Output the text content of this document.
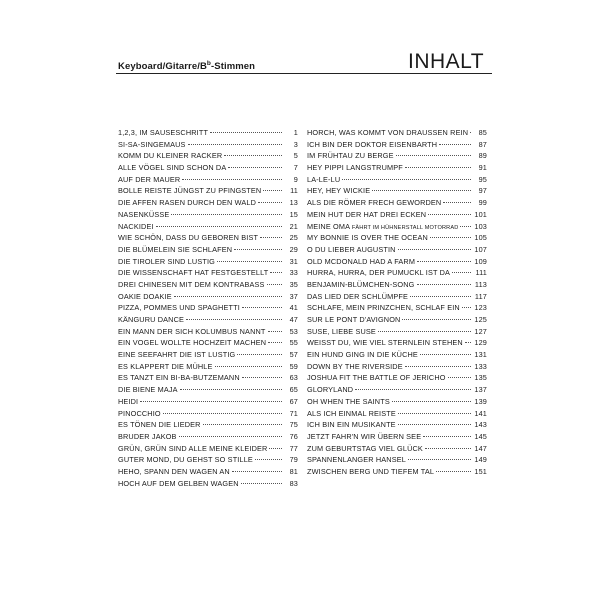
Keyboard/$Gitarre/B^b$-Stimmen	INHALT
1,2,3, IM SAUSESCHRITT	1
SI-SA-SINGEMAUS	3
KOMM DU KLEINER RACKER	5
ALLE VÖGEL SIND SCHON DA	7
AUF DER MAUER	9
BOLLE REISTE JÜNGST ZU PFINGSTEN	11
DIE AFFEN RASEN DURCH DEN WALD	13
NASENKÜSSE	15
NACKIDEI	21
WIE SCHÖN, DASS DU GEBOREN BIST	25
DIE BLÜMELEIN SIE SCHLAFEN	29
DIE TIROLER SIND LUSTIG	31
DIE WISSENSCHAFT HAT FESTGESTELLT	33
DREI CHINESEN MIT DEM KONTRABASS	35
OAKIE DOAKIE	37
PIZZA, POMMES UND SPAGHETTI	41
KÄNGURU DANCE	47
EIN MANN DER SICH KOLUMBUS NANNT	53
EIN VOGEL WOLLTE HOCHZEIT MACHEN	55
EINE SEEFAHRT DIE IST LUSTIG	57
ES KLAPPERT DIE MÜHLE	59
ES TANZT EIN BI-BA-BUTZEMANN	63
DIE BIENE MAJA	65
HEIDI	67
PINOCCHIO	71
ES TÖNEN DIE LIEDER	75
BRUDER JAKOB	76
GRÜN, GRÜN SIND ALLE MEINE KLEIDER	77
GUTER MOND, DU GEHST SO STILLE	79
HEHO, SPANN DEN WAGEN AN	81
HOCH AUF DEM GELBEN WAGEN	83
HORCH, WAS KOMMT VON DRAUSSEN REIN	85
ICH BIN DER DOKTOR EISENBARTH	87
IM FRÜHTAU ZU BERGE	89
HEY PIPPI LANGSTRUMPF	91
LA-LE-LU	95
HEY, HEY WICKIE	97
ALS DIE RÖMER FRECH GEWORDEN	99
MEIN HUT DER HAT DREI ECKEN	101
MEINE OMA FÄHRT IM HÜHNERSTALL MOTORRAD 103
MY BONNIE IS OVER THE OCEAN	105
O DU LIEBER AUGUSTIN	107
OLD MCDONALD HAD A FARM	109
HURRA, HURRA, DER PUMUCKL IST DA	111
BENJAMIN-BLÜMCHEN-SONG	113
DAS LIED DER SCHLÜMPFE	117
SCHLAFE, MEIN PRINZCHEN, SCHLAF EIN 123
SUR LE PONT D'AVIGNON	125
SUSE, LIEBE SUSE	127
WEISST DU, WIE VIEL STERNLEIN STEHEN 129
EIN HUND GING IN DIE KÜCHE	131
DOWN BY THE RIVERSIDE	133
JOSHUA FIT THE BATTLE OF JERICHO	135
GLORYLAND	137
OH WHEN THE SAINTS	139
ALS ICH EINMAL REISTE	141
ICH BIN EIN MUSIKANTE	143
JETZT FAHR'N WIR ÜBERN SEE	145
ZUM GEBURTSTAG VIEL GLÜCK	147
SPANNENLANGER HANSEL	149
ZWISCHEN BERG UND TIEFEM TAL	151
